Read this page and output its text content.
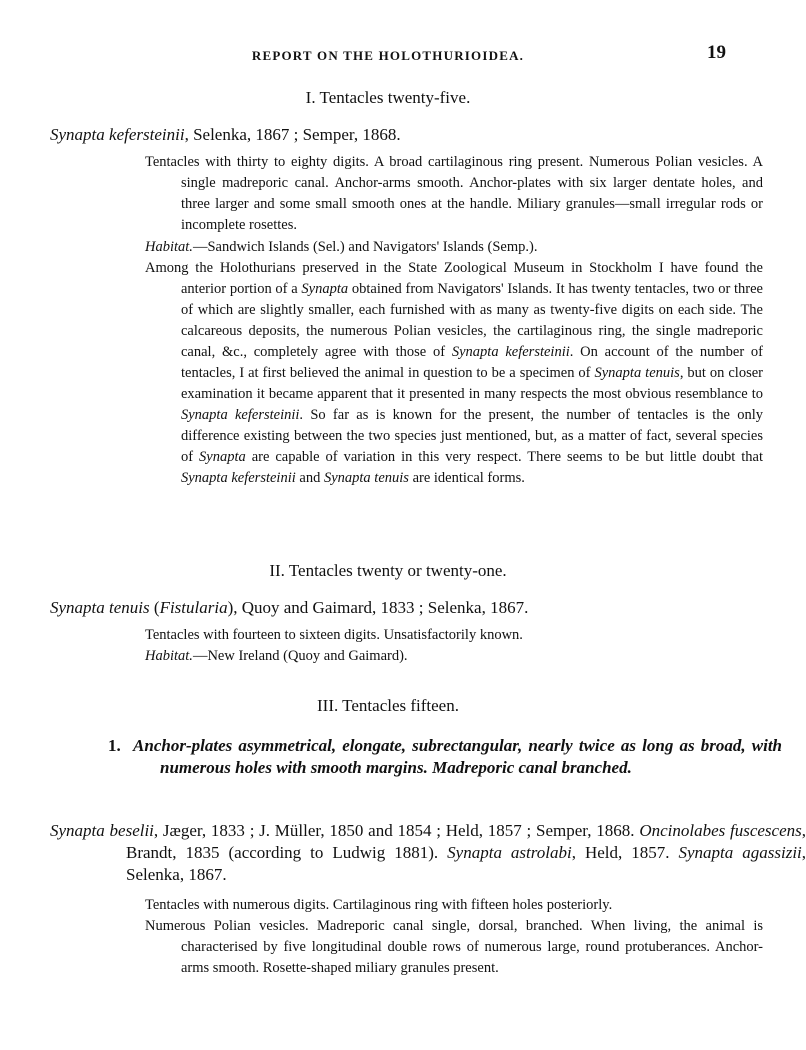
REPORT ON THE HOLOTHURIOIDEA.	19
I. Tentacles twenty-five.
Synapta kefersteinii, Selenka, 1867 ; Semper, 1868.
Tentacles with thirty to eighty digits. A broad cartilaginous ring present. Numerous Polian vesicles. A single madreporic canal. Anchor-arms smooth. Anchor-plates with six larger dentate holes, and three larger and some small smooth ones at the handle. Miliary granules—small irregular rods or incomplete rosettes.
Habitat.—Sandwich Islands (Sel.) and Navigators' Islands (Semp.).
Among the Holothurians preserved in the State Zoological Museum in Stockholm I have found the anterior portion of a Synapta obtained from Navigators' Islands. It has twenty tentacles, two or three of which are slightly smaller, each furnished with as many as twenty-five digits on each side. The calcareous deposits, the numerous Polian vesicles, the cartilaginous ring, the single madreporic canal, &c., completely agree with those of Synapta kefersteinii. On account of the number of tentacles, I at first believed the animal in question to be a specimen of Synapta tenuis, but on closer examination it became apparent that it presented in many respects the most obvious resemblance to Synapta kefersteinii. So far as is known for the present, the number of tentacles is the only difference existing between the two species just mentioned, but, as a matter of fact, several species of Synapta are capable of variation in this very respect. There seems to be but little doubt that Synapta kefersteinii and Synapta tenuis are identical forms.
II. Tentacles twenty or twenty-one.
Synapta tenuis (Fistularia), Quoy and Gaimard, 1833 ; Selenka, 1867.
Tentacles with fourteen to sixteen digits. Unsatisfactorily known.
Habitat.—New Ireland (Quoy and Gaimard).
III. Tentacles fifteen.
1. Anchor-plates asymmetrical, elongate, subrectangular, nearly twice as long as broad, with numerous holes with smooth margins. Madreporic canal branched.
Synapta beselii, Jæger, 1833 ; J. Müller, 1850 and 1854 ; Held, 1857 ; Semper, 1868. Oncinolabes fuscescens, Brandt, 1835 (according to Ludwig 1881). Synapta astrolabi, Held, 1857. Synapta agassizii, Selenka, 1867.
Tentacles with numerous digits. Cartilaginous ring with fifteen holes posteriorly.
Numerous Polian vesicles. Madreporic canal single, dorsal, branched. When living, the animal is characterised by five longitudinal double rows of numerous large, round protuberances. Anchor-arms smooth. Rosette-shaped miliary granules present.
